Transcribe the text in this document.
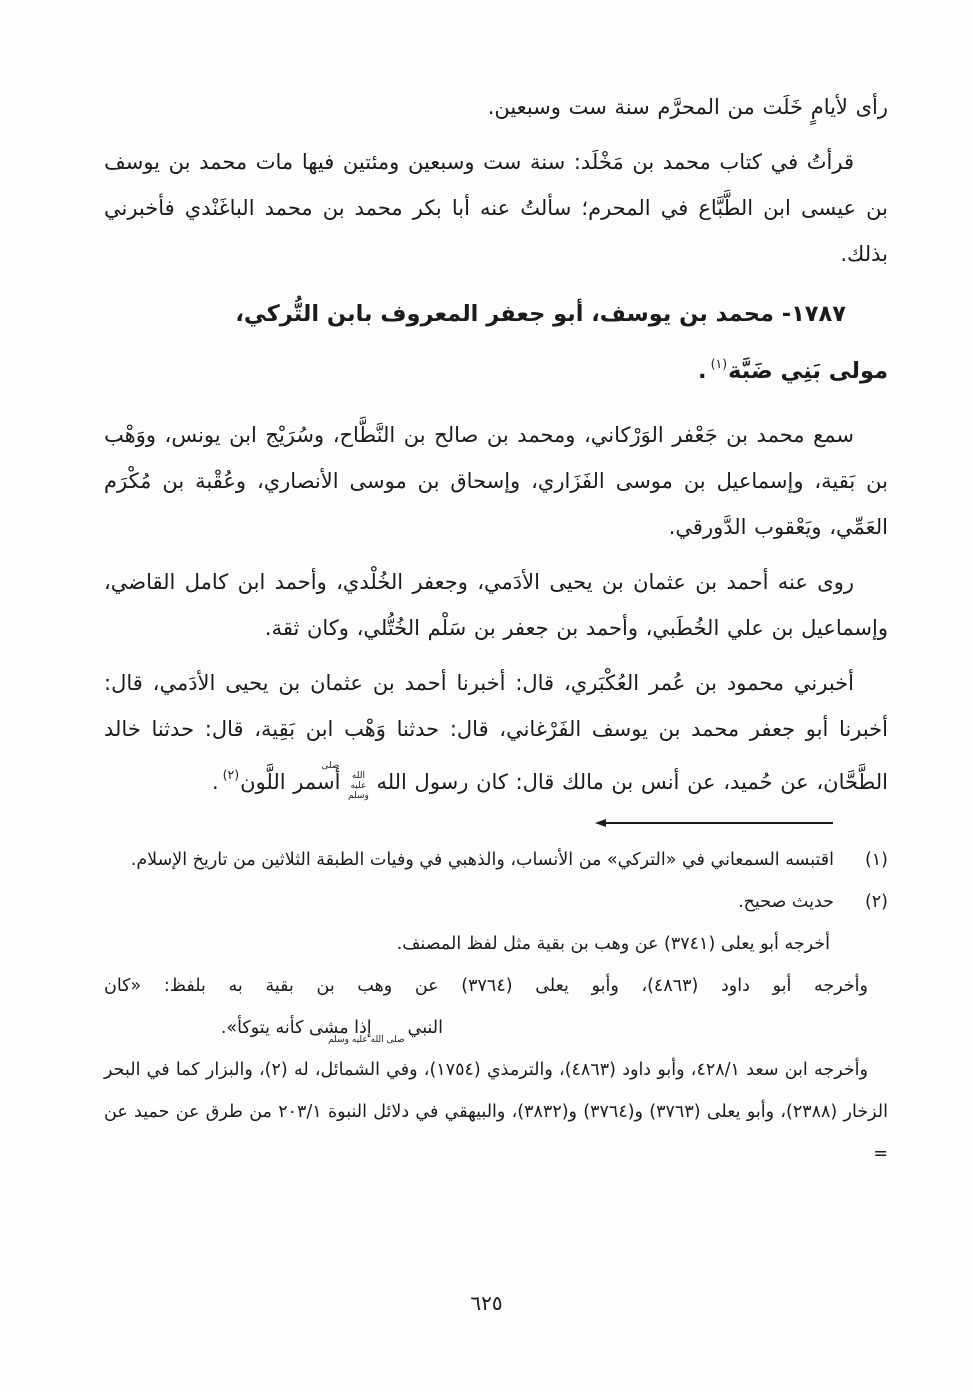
رأى لأيامٍ خَلَت من المحرَّم سنة ست وسبعين.
قرأتُ في كتاب محمد بن مَخْلَد: سنة ست وسبعين ومئتين فيها مات محمد بن يوسف بن عيسى ابن الطَّبَّاع في المحرم؛ سألتُ عنه أبا بكر محمد بن محمد الباغَنْدي فأخبرني بذلك.
١٧٨٧- محمد بن يوسف، أبو جعفر المعروف بابن التُّركي،
مولى بَنِي ضَبَّة$^{(١)}$.
سمع محمد بن جَعْفر الوَرْكاني، ومحمد بن صالح بن النَّطَّاح، وسُرَيْج ابن يونس، ووَهْب بن بَقية، وإسماعيل بن موسى الفَزَاري، وإسحاق بن موسى الأنصاري، وعُقْبة بن مُكْرَم العَمِّي، ويَعْقوب الدَّورقي.
روى عنه أحمد بن عثمان بن يحيى الأدَمي، وجعفر الخُلْدي، وأحمد ابن كامل القاضي، وإسماعيل بن علي الخُطَبي، وأحمد بن جعفر بن سَلْم الخُتُّلي، وكان ثقة.
أخبرني محمود بن عُمر العُكْبَري، قال: أخبرنا أحمد بن عثمان بن يحيى الأدَمي، قال: أخبرنا أبو جعفر محمد بن يوسف الفَرْغاني، قال: حدثنا وَهْب ابن بَقِية، قال: حدثنا خالد الطَّحَّان، عن حُميد، عن أنس بن مالك قال: كان رسول اللهصلى الله عليه وسلمأسمر اللَّون$^{(٢)}$.
(١)
اقتبسه السمعاني في «التركي» من الأنساب، والذهبي في وفيات الطبقة الثلاثين من تاريخ الإسلام.
(٢)
حديث صحيح.
أخرجه أبو يعلى (٣٧٤١) عن وهب بن بقية مثل لفظ المصنف.
وأخرجه أبو داود (٤٨٦٣)، وأبو يعلى (٣٧٦٤) عن وهب بن بقية به بلفظ: «كان
النبيصلى الله عليه وسلمإذا مشى كأنه يتوكأ».
وأخرجه ابن سعد ٤٢٨/١، وأبو داود (٤٨٦٣)، والترمذي (١٧٥٤)، وفي الشمائل، له (٢)، والبزار كما في البحر الزخار (٢٣٨٨)، وأبو يعلى (٣٧٦٣) و(٣٧٦٤) و(٣٨٣٢)، والبيهقي في دلائل النبوة ٢٠٣/١ من طرق عن حميد عن =
٦٢٥
